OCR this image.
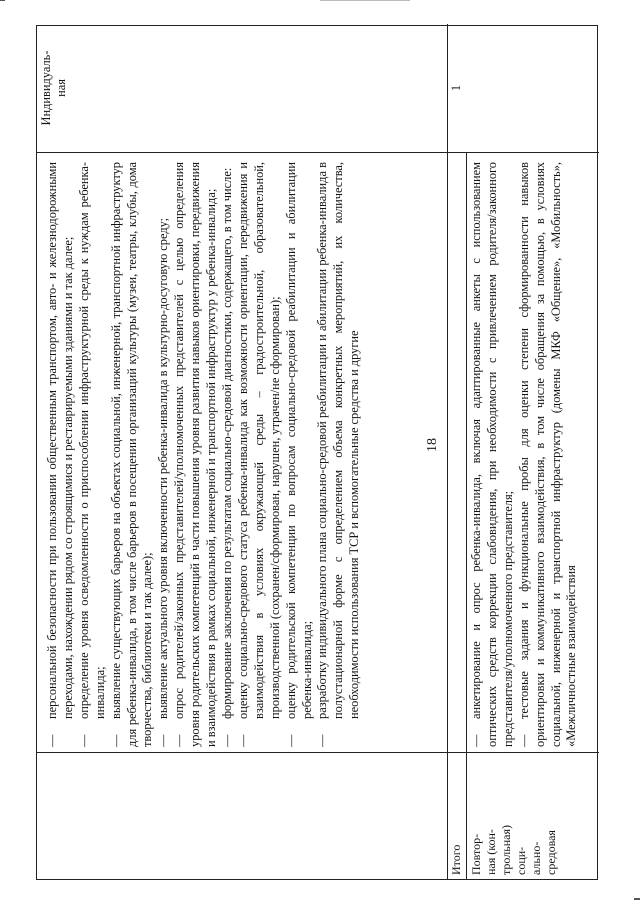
18
—
персональной безопасности при пользовании общественным транспортом, авто- и железнодорожными переходами, нахождении рядом со строящимися и реставрируемыми зданиями и так далее;
—
определение уровня осведомленности о приспособлении инфраструктурной среды к нуждам ребенка-инвалида;
—выявление существующих барьеров на объектах социальной, инженерной, транспортной инфраструктур для ребенка-инвалида, в том числе барьеров в посещении организаций культуры (музеи, театры, клубы, дома творчества, библиотеки и так далее); —выявление актуального уровня включенности ребенка-инвалида в культурно-досуговую среду;
—опрос родителей/законных представителей/уполномоченных представителей с целью определения уровня родительских компетенций в части повышения уровня развития навыков ориентировки, передвижения и взаимодействия в рамках социальной, инженерной и транспортной инфраструктур у ребенка-инвалида; —формирование заключения по результатам социально-средовой диагностики, содержащего, в том числе:
—
оценку социально-средового статуса ребенка-инвалида как возможности ориентации, передвижения и взаимодействия в условиях окружающей среды – градостроительной, образовательной, производственной (сохранен/сформирован, нарушен, утрачен/не сформирован);
—
оценку родительской компетенции по вопросам социально-средовой реабилитации и абилитации ребенка-инвалида;
—
разработку индивидуального плана социально-средовой реабилитации и абилитации ребенка-инвалида в полустационарной форме с определением объема конкретных мероприятий, их количества, необходимости использования ТСР и вспомогательные средства и другие
Итого
1
Повтор- ная (кон- трольная) соци- ально- средовая
—анкетирование и опрос ребенка-инвалида, включая адаптированные анкеты с использованием оптических средств коррекции слабовидения, при необходимости с привлечением родителя/законного представителя/уполномоченного представителя; —тестовые задания и функциональные пробы для оценки степени сформированности навыков ориентировки и коммуникативного взаимодействия, в том числе обращения за помощью, в условиях социальной, инженерной и транспортной инфраструктур (домены МКФ «Общение», «Мобильность», «Межличностные взаимодействия
Индивидуаль- ная
